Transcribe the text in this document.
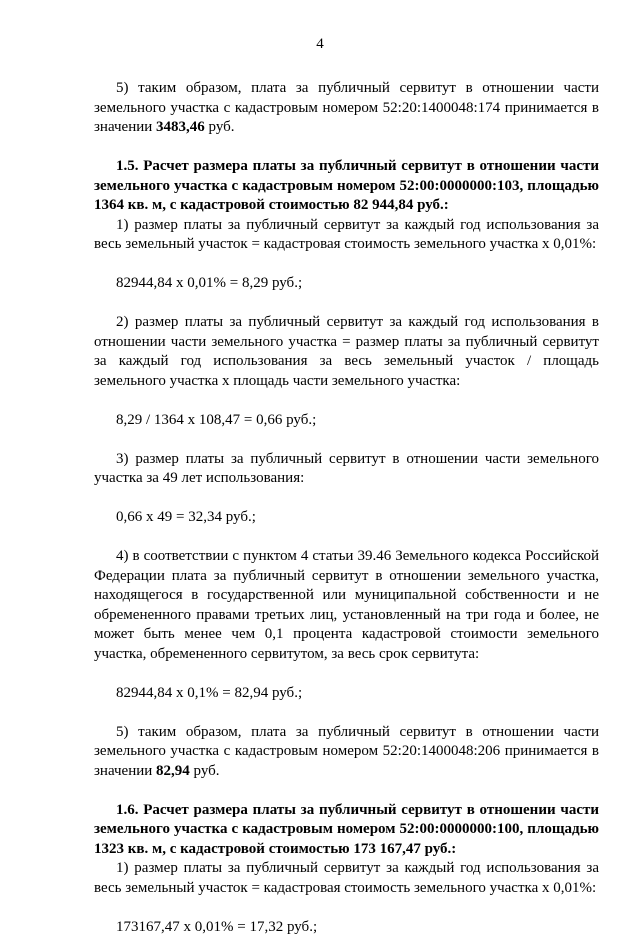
4

5) таким образом, плата за публичный сервитут в отношении части земельного участка с кадастровым номером 52:20:1400048:174 принимается в значении 3483,46 руб.

1.5. Расчет размера платы за публичный сервитут в отношении части земельного участка с кадастровым номером 52:00:0000000:103, площадью 1364 кв. м, с кадастровой стоимостью 82 944,84 руб.:

1) размер платы за публичный сервитут за каждый год использования за весь земельный участок = кадастровая стоимость земельного участка х 0,01%:

82944,84 х 0,01% = 8,29 руб.;

2) размер платы за публичный сервитут за каждый год использования в отношении части земельного участка = размер платы за публичный сервитут за каждый год использования за весь земельный участок / площадь земельного участка х площадь части земельного участка:

8,29 / 1364 х 108,47 = 0,66 руб.;

3) размер платы за публичный сервитут в отношении части земельного участка за 49 лет использования:

0,66 х 49 = 32,34 руб.;

4) в соответствии с пунктом 4 статьи 39.46 Земельного кодекса Российской Федерации плата за публичный сервитут в отношении земельного участка, находящегося в государственной или муниципальной собственности и не обремененного правами третьих лиц, установленный на три года и более, не может быть менее чем 0,1 процента кадастровой стоимости земельного участка, обремененного сервитутом, за весь срок сервитута:

82944,84 х 0,1% = 82,94 руб.;

5) таким образом, плата за публичный сервитут в отношении части земельного участка с кадастровым номером 52:20:1400048:206 принимается в значении 82,94 руб.

1.6. Расчет размера платы за публичный сервитут в отношении части земельного участка с кадастровым номером 52:00:0000000:100, площадью 1323 кв. м, с кадастровой стоимостью 173 167,47 руб.:

1) размер платы за публичный сервитут за каждый год использования за весь земельный участок = кадастровая стоимость земельного участка х 0,01%:

173167,47 х 0,01% = 17,32 руб.;
